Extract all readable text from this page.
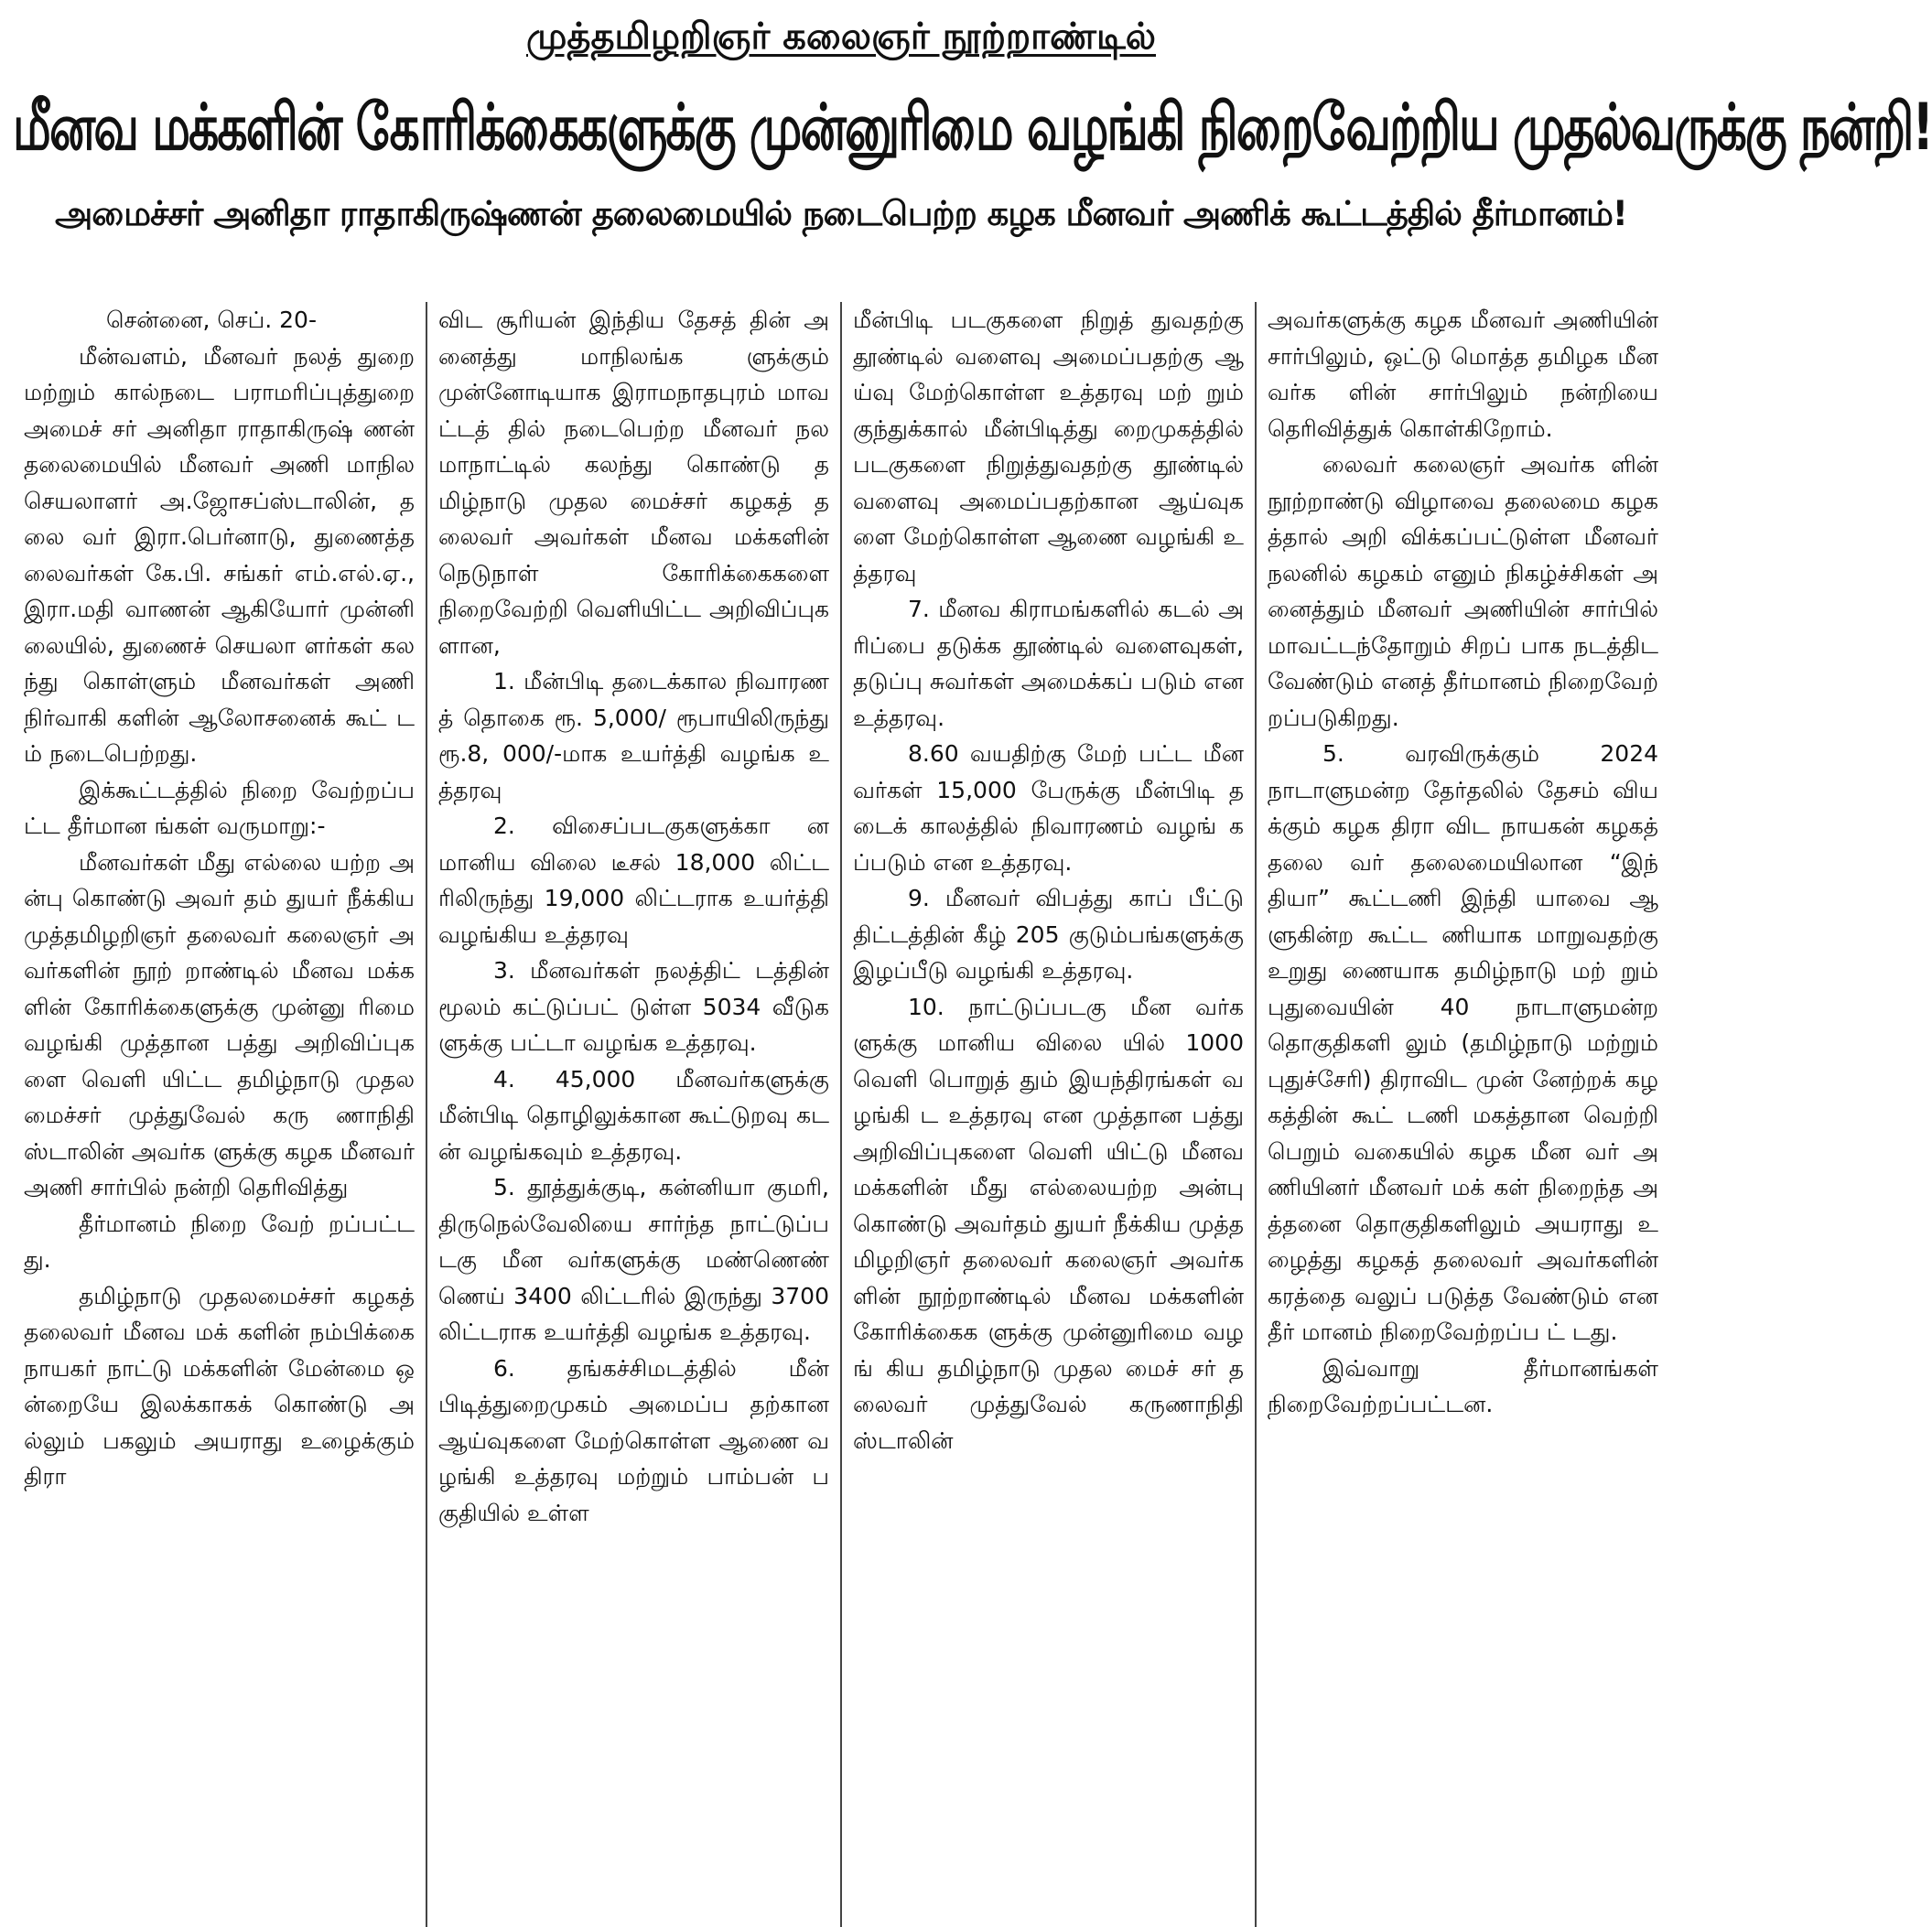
முத்தமிழறிஞர் கலைஞர் நூற்றாண்டில்
மீனவ மக்களின் கோரிக்கைகளுக்கு முன்னுரிமை வழங்கி நிறைவேற்றிய முதல்வருக்கு நன்றி!
அமைச்சர் அனிதா ராதாகிருஷ்ணன் தலைமையில் நடைபெற்ற கழக மீனவர் அணிக் கூட்டத்தில் தீர்மானம்!

சென்னை, செப். 20-

மீன்வளம், மீனவர் நலத் துறை மற்றும் கால்நடை பராமரிப்புத்துறை அமைச் சர் அனிதா ராதாகிருஷ் ணன் தலைமையில் மீனவர் அணி மாநில செயலாளர் அ.ஜோசப்ஸ்டாலின், தலை வர் இரா.பெர்னாடு, துணைத்தலைவர்கள் கே.பி. சங்கர் எம்.எல்.ஏ., இரா.மதி வாணன் ஆகியோர் முன்னி லையில், துணைச் செயலா ளர்கள் கலந்து கொள்ளும் மீனவர்கள் அணி நிர்வாகி களின் ஆலோசனைக் கூட் டம் நடைபெற்றது.

இக்கூட்டத்தில் நிறை வேற்றப்பட்ட தீர்மான ங்கள் வருமாறு:-

மீனவர்கள் மீது எல்லை யற்ற அன்பு கொண்டு அவர் தம் துயர் நீக்கிய முத்தமிழறிஞர் தலைவர் கலைஞர் அவர்களின் நூற் றாண்டில் மீனவ மக்களின் கோரிக்கைளுக்கு முன்னு ரிமை வழங்கி முத்தான பத்து அறிவிப்புகளை வெளி யிட்ட தமிழ்நாடு முதல மைச்சர் முத்துவேல் கரு ணாநிதி ஸ்டாலின் அவர்க ளுக்கு கழக மீனவர் அணி சார்பில் நன்றி தெரிவித்து

தீர்மானம் நிறை வேற் றப்பட்டது.

தமிழ்நாடு முதலமைச்சர் கழகத் தலைவர் மீனவ மக் களின் நம்பிக்கை நாயகர் நாட்டு மக்களின் மேன்மை ஒன்றையே இலக்காகக் கொண்டு அல்லும் பகலும் அயராது உழைக்கும் திரா

விட சூரியன் இந்திய தேசத் தின் அனைத்து மாநிலங்க ளுக்கும் முன்னோடியாக இராமநாதபுரம் மாவட்டத் தில் நடைபெற்ற மீனவர் நல மாநாட்டில் கலந்து கொண்டு தமிழ்நாடு முதல மைச்சர் கழகத் தலைவர் அவர்கள் மீனவ மக்களின் நெடுநாள் கோரிக்கைகளை நிறைவேற்றி வெளியிட்ட அறிவிப்புகளான,

1. மீன்பிடி தடைக்கால நிவாரணத் தொகை ரூ. 5,000/ ரூபாயிலிருந்து ரூ.8, 000/-மாக உயர்த்தி வழங்க உத்தரவு

2. விசைப்படகுகளுக்கா ன மானிய விலை டீசல் 18,000 லிட்டரிலிருந்து 19,000 லிட்டராக உயர்த்தி வழங்கிய உத்தரவு

3. மீனவர்கள் நலத்திட் டத்தின் மூலம் கட்டுப்பட் டுள்ள 5034 வீடுகளுக்கு பட்டா வழங்க உத்தரவு.

4. 45,000 மீனவர்களுக்கு மீன்பிடி தொழிலுக்கான கூட்டுறவு கடன் வழங்கவும் உத்தரவு.

5. தூத்துக்குடி, கன்னியா குமரி, திருநெல்வேலியை சார்ந்த நாட்டுப்படகு மீன வர்களுக்கு மண்ணெண் ணெய் 3400 லிட்டரில் இருந்து 3700 லிட்டராக உயர்த்தி வழங்க உத்தரவு.

6. தங்கச்சிமடத்தில் மீன் பிடித்துறைமுகம் அமைப்ப தற்கான ஆய்வுகளை மேற்கொள்ள ஆணை வழங்கி உத்தரவு மற்றும் பாம்பன் பகுதியில் உள்ள

மீன்பிடி படகுகளை நிறுத் துவதற்கு தூண்டில் வளைவு அமைப்பதற்கு ஆய்வு மேற்கொள்ள உத்தரவு மற் றும் குந்துக்கால் மீன்பிடித்து றைமுகத்தில் படகுகளை நிறுத்துவதற்கு தூண்டில் வளைவு அமைப்பதற்கான ஆய்வுகளை மேற்கொள்ள ஆணை வழங்கி உத்தரவு

7. மீனவ கிராமங்களில் கடல் அரிப்பை தடுக்க தூண்டில் வளைவுகள், தடுப்பு சுவர்கள் அமைக்கப் படும் என உத்தரவு.

8.60 வயதிற்கு மேற் பட்ட மீனவர்கள் 15,000 பேருக்கு மீன்பிடி தடைக் காலத்தில் நிவாரணம் வழங் கப்படும் என உத்தரவு.

9. மீனவர் விபத்து காப் பீட்டு திட்டத்தின் கீழ் 205 குடும்பங்களுக்கு இழப்பீடு வழங்கி உத்தரவு.

10. நாட்டுப்படகு மீன வர்களுக்கு மானிய விலை யில் 1000 வெளி பொறுத் தும் இயந்திரங்கள் வழங்கி ட உத்தரவு என முத்தான பத்து அறிவிப்புகளை வெளி யிட்டு மீனவ மக்களின் மீது எல்லையற்ற அன்பு கொண்டு அவர்தம் துயர் நீக்கிய முத்தமிழறிஞர் தலைவர் கலைஞர் அவர்க ளின் நூற்றாண்டில் மீனவ மக்களின் கோரிக்கைக ளுக்கு முன்னுரிமை வழங் கிய தமிழ்நாடு முதல மைச் சர் தலைவர் முத்துவேல் கருணாநிதி ஸ்டாலின்

அவர்களுக்கு கழக மீனவர் அணியின் சார்பிலும், ஒட்டு மொத்த தமிழக மீனவர்க ளின் சார்பிலும் நன்றியை தெரிவித்துக் கொள்கிறோம்.

லைவர் கலைஞர் அவர்க ளின் நூற்றாண்டு விழாவை தலைமை கழகத்தால் அறி விக்கப்பட்டுள்ள மீனவர் நலனில் கழகம் எனும் நிகழ்ச்சிகள் அனைத்தும் மீனவர் அணியின் சார்பில் மாவட்டந்தோறும் சிறப் பாக நடத்திட வேண்டும் எனத் தீர்மானம் நிறைவேற் றப்படுகிறது.

5. வரவிருக்கும் 2024 நாடாளுமன்ற தேர்தலில் தேசம் வியக்கும் கழக திரா விட நாயகன் கழகத் தலை வர் தலைமையிலான “இந் தியா” கூட்டணி இந்தி யாவை ஆளுகின்ற கூட்ட ணியாக மாறுவதற்கு உறுது ணையாக தமிழ்நாடு மற் றும் புதுவையின் 40 நாடாளுமன்ற தொகுதிகளி லும் (தமிழ்நாடு மற்றும் புதுச்சேரி) திராவிட முன் னேற்றக் கழகத்தின் கூட் டணி மகத்தான வெற்றி பெறும் வகையில் கழக மீன வர் அணியினர் மீனவர் மக் கள் நிறைந்த அத்தனை தொகுதிகளிலும் அயராது உழைத்து கழகத் தலைவர் அவர்களின் கரத்தை வலுப் படுத்த வேண்டும் என தீர் மானம் நிறைவேற்றப்ப ட் டது.

இவ்வாறு தீர்மானங்கள் நிறைவேற்றப்பட்டன.
